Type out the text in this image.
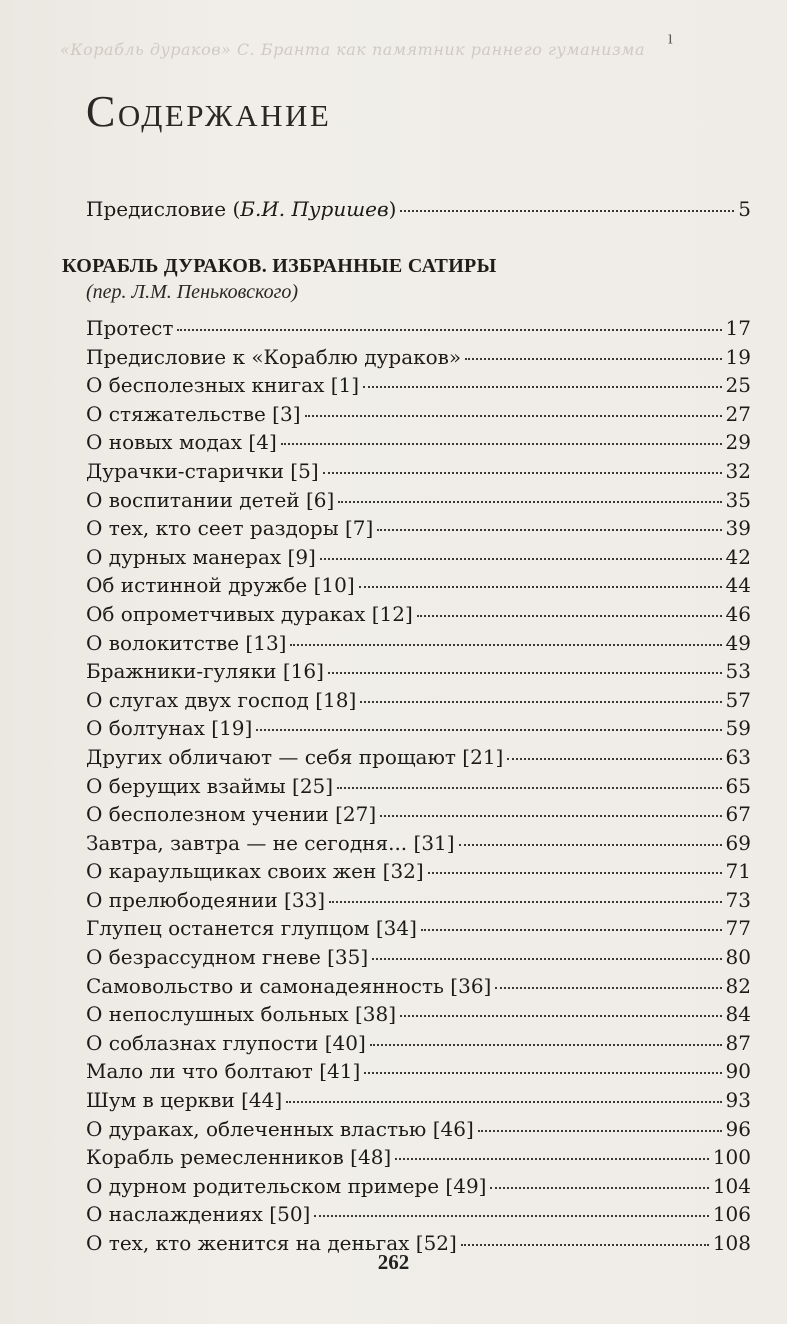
«Корабль дураков» С. Бранта как памятник раннего гуманизма	ˡ
Содержание
Предисловие (Б.И. Пуришев)	5
КОРАБЛЬ ДУРАКОВ. ИЗБРАННЫЕ САТИРЫ
(пер. Л.М. Пеньковского)
Протест	17
Предисловие к «Кораблю дураков»	19
О бесполезных книгах [1]	25
О стяжательстве [3]	27
О новых модах [4]	29
Дурачки-старички [5]	32
О воспитании детей [6]	35
О тех, кто сеет раздоры [7]	39
О дурных манерах [9]	42
Об истинной дружбе [10]	44
Об опрометчивых дураках [12]	46
О волокитстве [13]	49
Бражники-гуляки [16]	53
О слугах двух господ [18]	57
О болтунах [19]	59
Других обличают — себя прощают [21]	63
О берущих взаймы [25]	65
О бесполезном учении [27]	67
Завтра, завтра — не сегодня... [31]	69
О караульщиках своих жен [32]	71
О прелюбодеянии [33]	73
Глупец останется глупцом [34]	77
О безрассудном гневе [35]	80
Самовольство и самонадеянность [36]	82
О непослушных больных [38]	84
О соблазнах глупости [40]	87
Мало ли что болтают [41]	90
Шум в церкви [44]	93
О дураках, облеченных властью [46]	96
Корабль ремесленников [48]	100
О дурном родительском примере [49]	104
О наслаждениях [50]	106
О тех, кто женится на деньгах [52]	108
262
